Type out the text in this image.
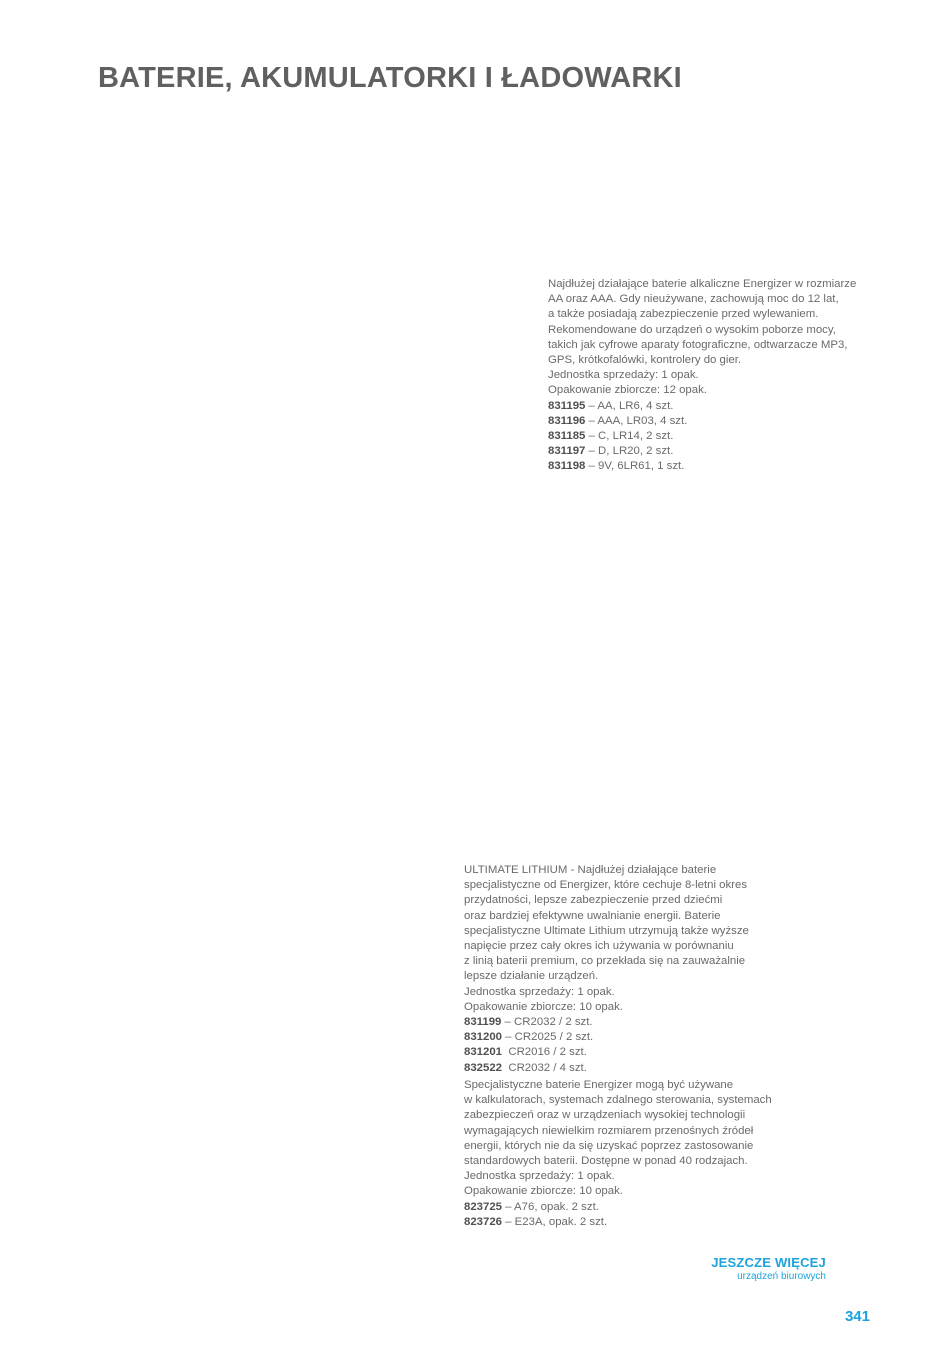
BATERIE, AKUMULATORKI I ŁADOWARKI
Najdłużej działające baterie alkaliczne Energizer w rozmiarze
AA oraz AAA. Gdy nieużywane, zachowują moc do 12 lat,
a także posiadają zabezpieczenie przed wylewaniem.
Rekomendowane do urządzeń o wysokim poborze mocy,
takich jak cyfrowe aparaty fotograficzne, odtwarzacze MP3,
GPS, krótkofalówki, kontrolery do gier.
Jednostka sprzedaży: 1 opak.
Opakowanie zbiorcze: 12 opak.
831195 – AA, LR6, 4 szt.
831196 – AAA, LR03, 4 szt.
831185 – C, LR14, 2 szt.
831197 – D, LR20, 2 szt.
831198 – 9V, 6LR61, 1 szt.
ULTIMATE LITHIUM - Najdłużej działające baterie
specjalistyczne od Energizer, które cechuje 8-letni okres
przydatności, lepsze zabezpieczenie przed dziećmi
oraz bardziej efektywne uwalnianie energii. Baterie
specjalistyczne Ultimate Lithium utrzymują także wyższe
napięcie przez cały okres ich używania w porównaniu
z linią baterii premium, co przekłada się na zauważalnie
lepsze działanie urządzeń.
Jednostka sprzedaży: 1 opak.
Opakowanie zbiorcze: 10 opak.
831199 – CR2032 / 2 szt.
831200 – CR2025 / 2 szt.
831201  CR2016 / 2 szt.
832522  CR2032 / 4 szt.
Specjalistyczne baterie Energizer mogą być używane
w kalkulatorach, systemach zdalnego sterowania, systemach
zabezpieczeń oraz w urządzeniach wysokiej technologii
wymagających niewielkim rozmiarem przenośnych źródeł
energii, których nie da się uzyskać poprzez zastosowanie
standardowych baterii. Dostępne w ponad 40 rodzajach.
Jednostka sprzedaży: 1 opak.
Opakowanie zbiorcze: 10 opak.
823725 – A76, opak. 2 szt.
823726 – E23A, opak. 2 szt.
JESZCZE WIĘCEJ
urządzeń biurowych
341
